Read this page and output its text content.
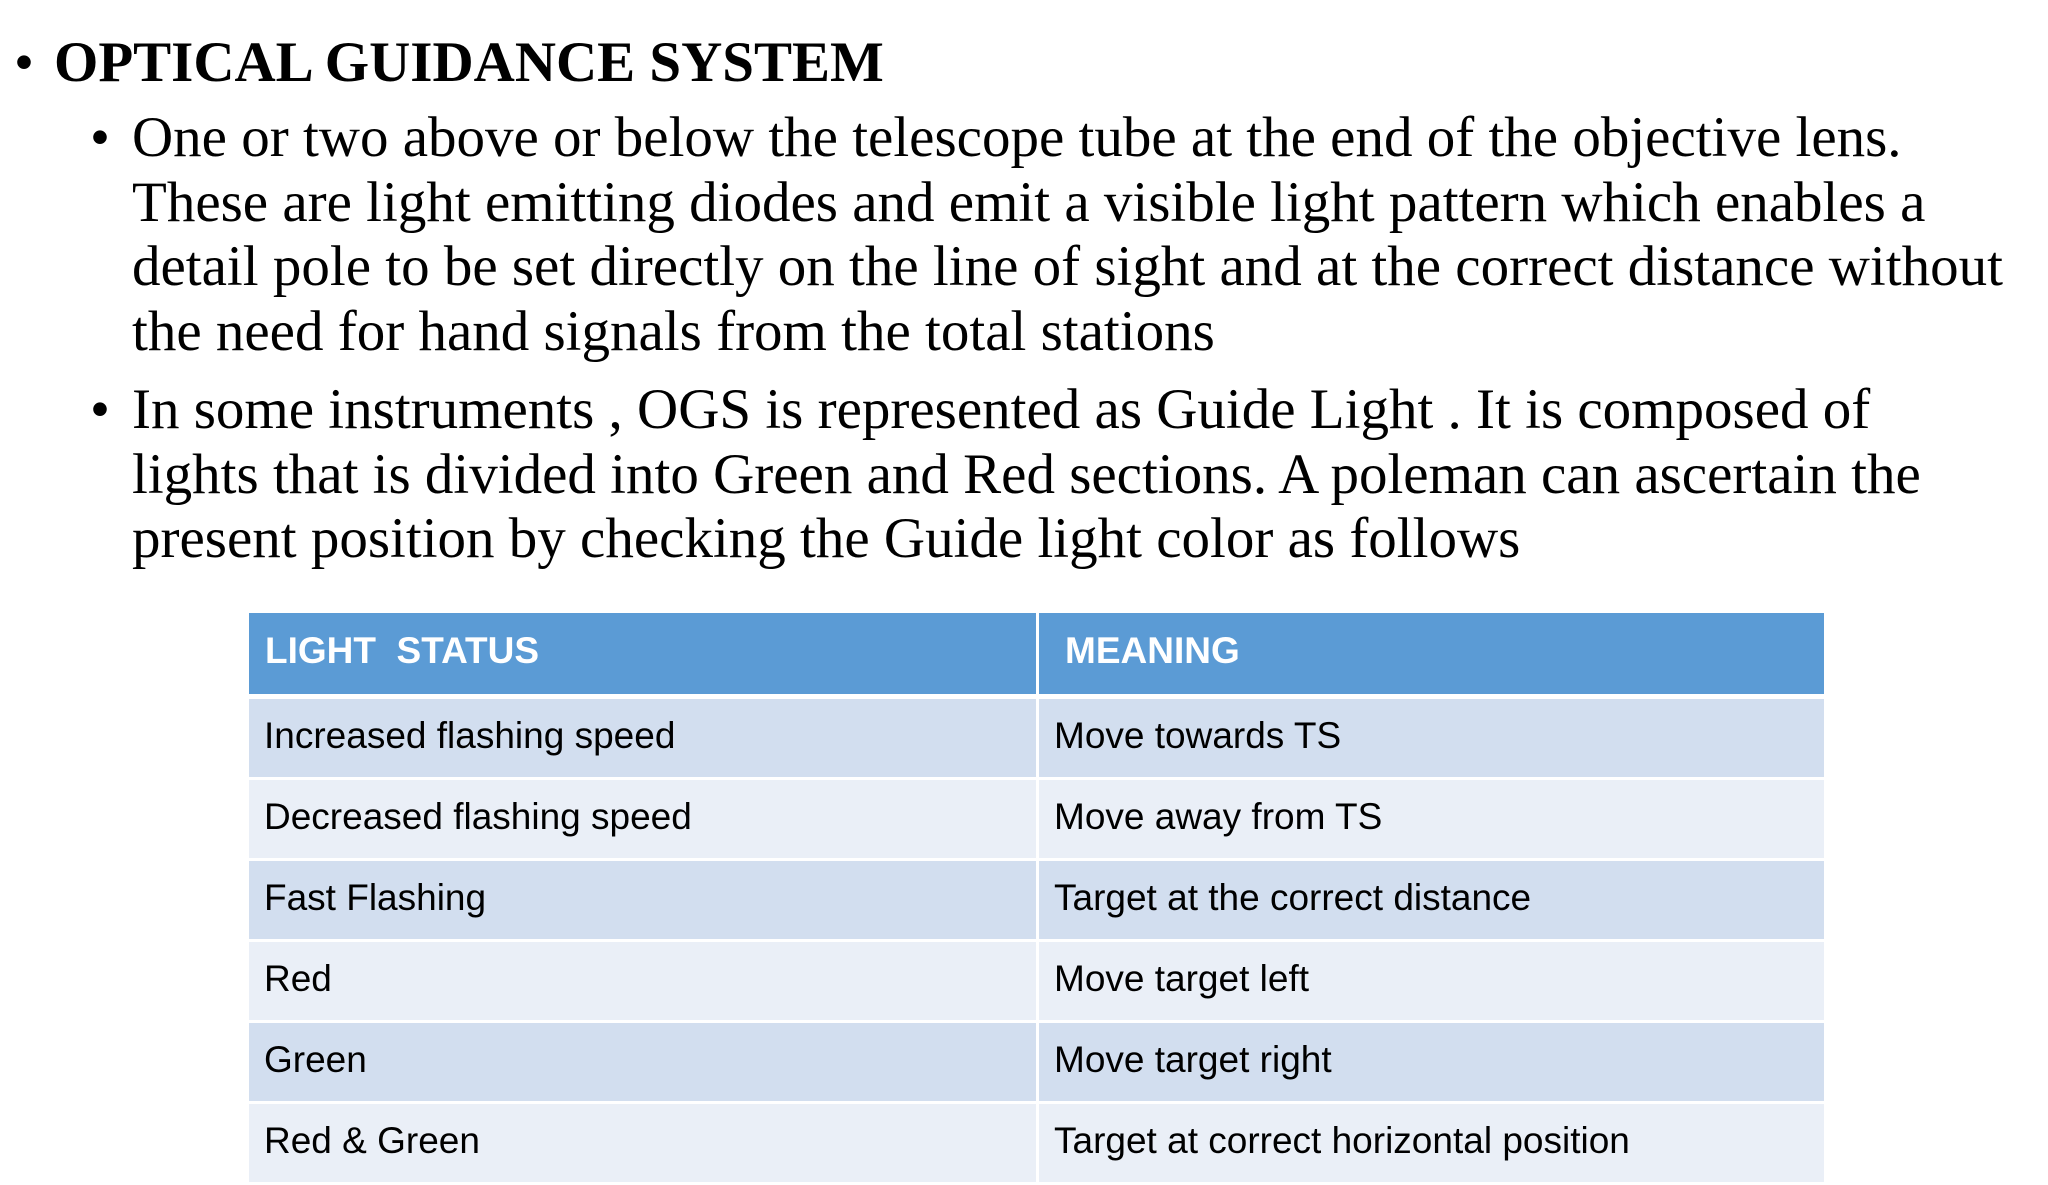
• OPTICAL GUIDANCE SYSTEM
• One or two above or below the telescope tube at the end of the objective lens. These are light emitting diodes and emit a visible light pattern which enables a detail pole to be set directly on the line of sight and at the correct distance without the need for hand signals from the total stations
• In some instruments , OGS is represented as Guide Light . It is composed of lights that is divided into Green and Red sections. A poleman can ascertain the present position by checking the Guide light color as follows
LIGHT  STATUS	MEANING
Increased flashing speed	Move towards TS
Decreased flashing speed	Move away from TS
Fast Flashing	Target at the correct distance
Red	Move target left
Green	Move target right
Red & Green	Target at correct horizontal position
